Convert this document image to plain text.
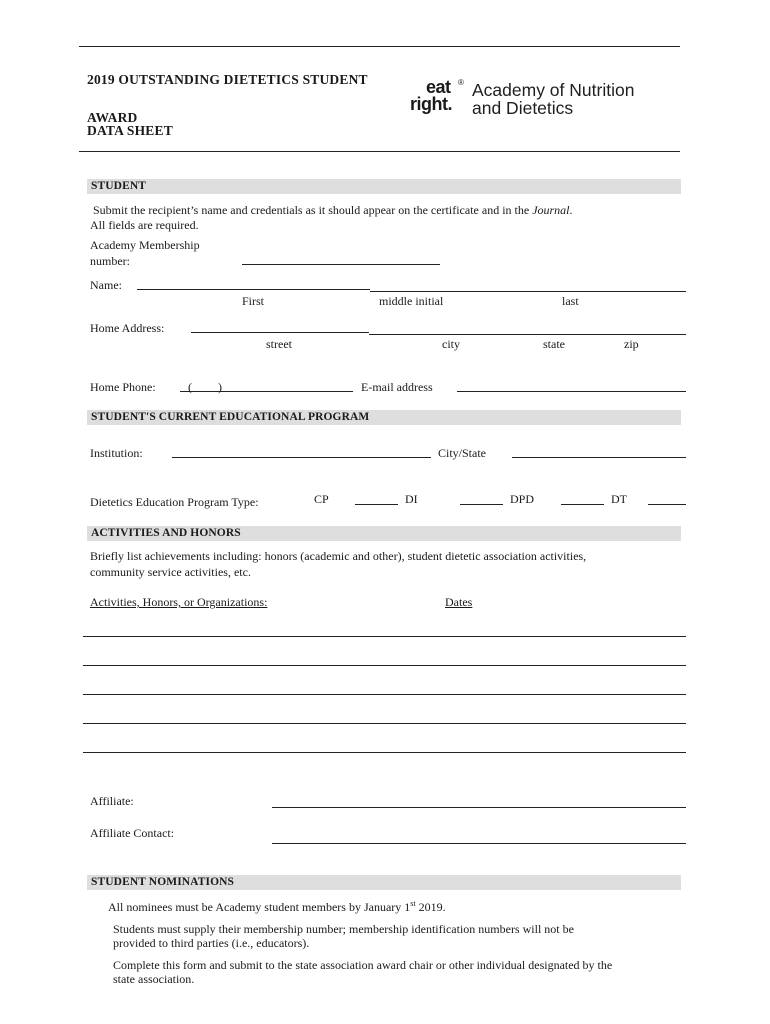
2019 OUTSTANDING DIETETICS STUDENT
AWARD
DATA SHEET
eat ®
right.
Academy of Nutrition
and Dietetics
STUDENT
Submit the recipient’s name and credentials as it should appear on the certificate and in the Journal.
All fields are required.
Academy Membership
number:
Name:
First	middle initial	last
Home Address:
street	city	state	zip
Home Phone:	( )	E-mail address
STUDENT'S CURRENT EDUCATIONAL PROGRAM
Institution:	City/State
Dietetics Education Program Type:	CP	DI	DPD	DT
ACTIVITIES AND HONORS
Briefly list achievements including: honors (academic and other), student dietetic association activities,
community service activities, etc.
Activities, Honors, or Organizations:	Dates
Affiliate:
Affiliate Contact:
STUDENT NOMINATIONS
All nominees must be Academy student members by January 1st 2019.
Students must supply their membership number; membership identification numbers will not be
provided to third parties (i.e., educators).
Complete this form and submit to the state association award chair or other individual designated by the
state association.
